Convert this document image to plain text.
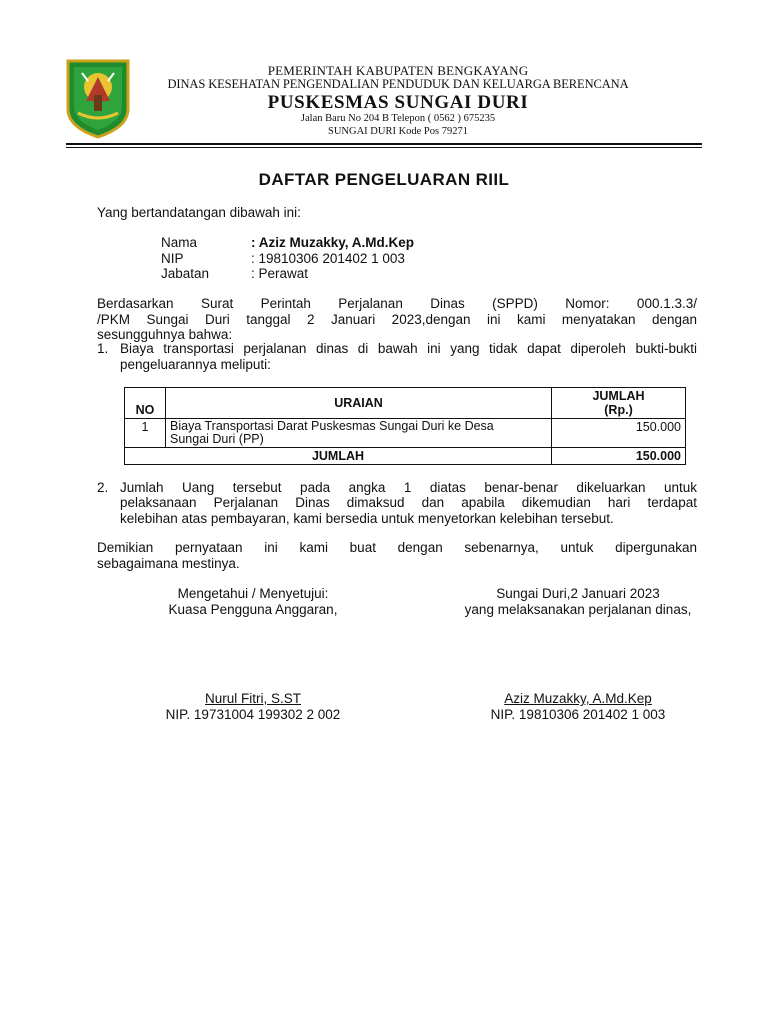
PEMERINTAH KABUPATEN BENGKAYANG
DINAS KESEHATAN PENGENDALIAN PENDUDUK DAN KELUARGA BERENCANA
PUSKESMAS SUNGAI DURI
Jalan Baru No 204 B Telepon ( 0562 ) 675235
SUNGAI DURI Kode Pos 79271
DAFTAR PENGELUARAN RIIL
Yang bertandatangan dibawah ini:
Nama	: Aziz Muzakky, A.Md.Kep
NIP	: 19810306 201402 1 003
Jabatan	: Perawat
Berdasarkan Surat Perintah Perjalanan Dinas (SPPD) Nomor: 000.1.3.3/
/PKM Sungai Duri tanggal 2 Januari 2023,dengan ini kami menyatakan dengan
sesungguhnya bahwa:
1. Biaya transportasi perjalanan dinas di bawah ini yang tidak dapat diperoleh bukti-bukti
pengeluarannya meliputi:
NO	URAIAN	JUMLAH
(Rp.)

1	Biaya Transportasi Darat Puskesmas Sungai Duri ke Desa
Sungai Duri (PP)	150.000
JUMLAH		150.000
2. Jumlah Uang tersebut pada angka 1 diatas benar-benar dikeluarkan untuk
pelaksanaan Perjalanan Dinas dimaksud dan apabila dikemudian hari terdapat
kelebihan atas pembayaran, kami bersedia untuk menyetorkan kelebihan tersebut.
Demikian pernyataan ini kami buat dengan sebenarnya, untuk dipergunakan
sebagaimana mestinya.
Mengetahui / Menyetujui:
Kuasa Pengguna Anggaran,
Sungai Duri,2 Januari 2023
yang melaksanakan perjalanan dinas,
Nurul Fitri, S.ST
NIP. 19731004 199302 2 002
Aziz Muzakky, A.Md.Kep
NIP. 19810306 201402 1 003
